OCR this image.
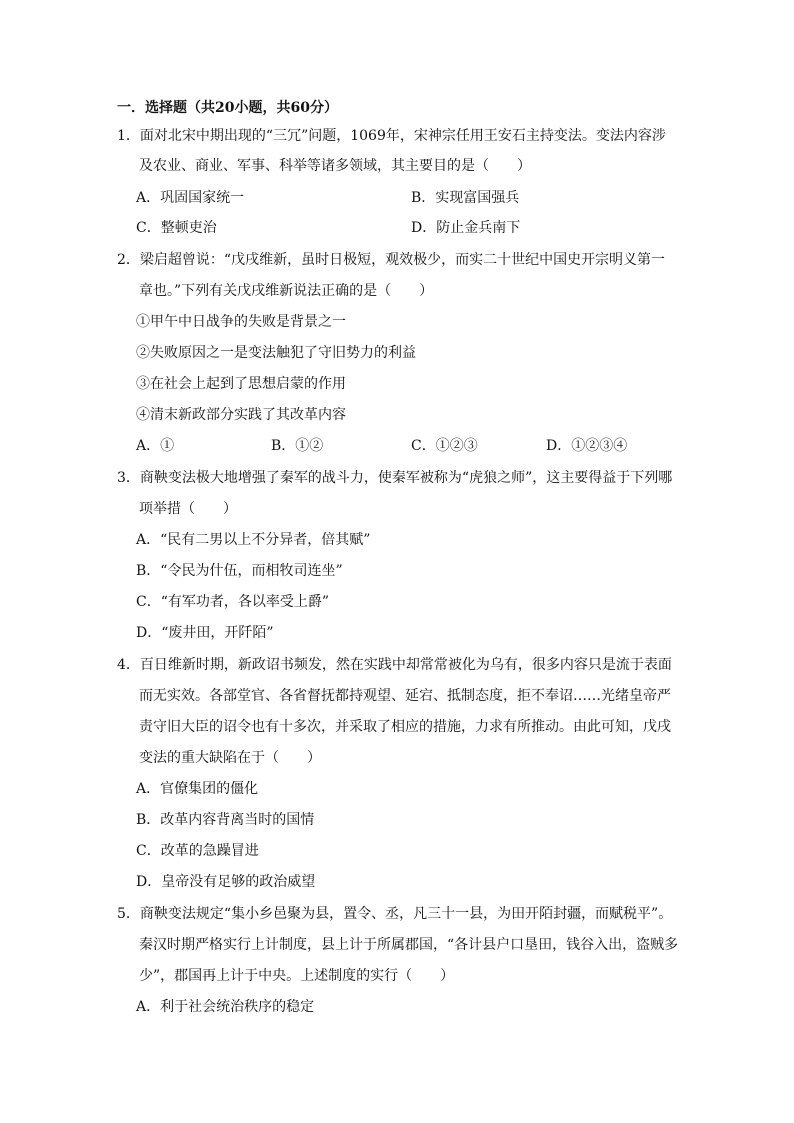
一．选择题（共20小题，共60分）
1．面对北宋中期出现的“三冗”问题，1069年，宋神宗任用王安石主持变法。变法内容涉
及农业、商业、军事、科举等诸多领域，其主要目的是（　　）
A．巩固国家统一	B．实现富国强兵
C．整顿吏治	D．防止金兵南下
2．梁启超曾说：“戊戌维新，虽时日极短，观效极少，而实二十世纪中国史开宗明义第一
章也。”下列有关戊戌维新说法正确的是（　　）
①甲午中日战争的失败是背景之一
②失败原因之一是变法触犯了守旧势力的利益
③在社会上起到了思想启蒙的作用
④清末新政部分实践了其改革内容
A．①	B．①②	C．①②③	D．①②③④
3．商鞅变法极大地增强了秦军的战斗力，使秦军被称为“虎狼之师”，这主要得益于下列哪
项举措（　　）
A．“民有二男以上不分异者，倍其赋”
B．“令民为什伍，而相牧司连坐”
C．“有军功者，各以率受上爵”
D．“废井田，开阡陌”
4．百日维新时期，新政诏书频发，然在实践中却常常被化为乌有，很多内容只是流于表面
而无实效。各部堂官、各省督抚都持观望、延宕、抵制态度，拒不奉诏……光绪皇帝严
责守旧大臣的诏令也有十多次，并采取了相应的措施，力求有所推动。由此可知，戊戌
变法的重大缺陷在于（　　）
A．官僚集团的僵化
B．改革内容背离当时的国情
C．改革的急躁冒进
D．皇帝没有足够的政治威望
5．商鞅变法规定“集小乡邑聚为县，置令、丞，凡三十一县，为田开陌封疆，而赋税平”。
秦汉时期严格实行上计制度，县上计于所属郡国，“各计县户口垦田，钱谷入出，盗贼多
少”，郡国再上计于中央。上述制度的实行（　　）
A．利于社会统治秩序的稳定
